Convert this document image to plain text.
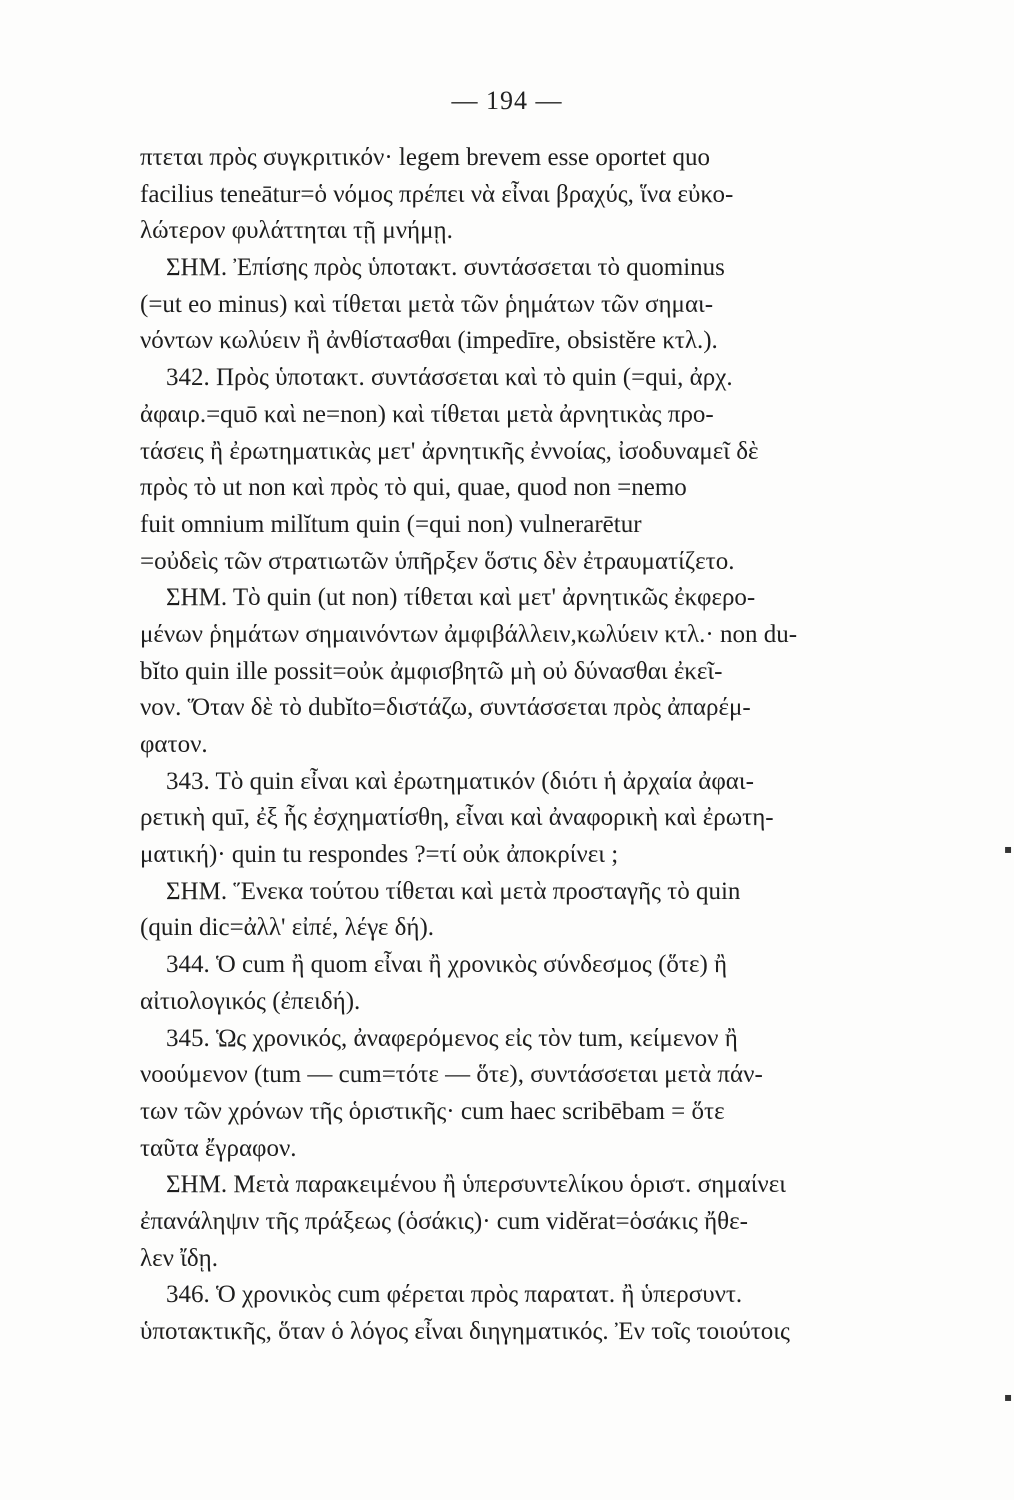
— 194 —
πτεται πρὸς συγκριτικόν· legem brevem esse oportet quo
facilius teneātur=ὁ νόμος πρέπει νὰ εἶναι βραχύς, ἵνα εὐκο-
λώτερον φυλάττηται τῇ μνήμῃ.
ΣΗΜ. Ἐπίσης πρὸς ὑποτακτ. συντάσσεται τὸ quominus
(=ut eo minus) καὶ τίθεται μετὰ τῶν ῥημάτων τῶν σημαι-
νόντων κωλύειν ἢ ἀνθίστασθαι (impedīre, obsistĕre κτλ.).
342. Πρὸς ὑποτακτ. συντάσσεται καὶ τὸ quin (=qui, ἀρχ.
ἀφαιρ.=quō καὶ ne=non) καὶ τίθεται μετὰ ἀρνητικὰς προ-
τάσεις ἢ ἐρωτηματικὰς μετ' ἀρνητικῆς ἐννοίας, ἰσοδυναμεῖ δὲ
πρὸς τὸ ut non καὶ πρὸς τὸ qui, quae, quod non =nemo
fuit omnium milĭtum quin (=qui non) vulnerarētur
=οὐδεὶς τῶν στρατιωτῶν ὑπῆρξεν ὅστις δὲν ἐτραυματίζετο.
ΣΗΜ. Τὸ quin (ut non) τίθεται καὶ μετ' ἀρνητικῶς ἐκφερο-
μένων ῥημάτων σημαινόντων ἀμφιβάλλειν,κωλύειν κτλ.· non du-
bĭto quin ille possit=οὐκ ἀμφισβητῶ μὴ οὐ δύνασθαι ἐκεῖ-
νον. Ὅταν δὲ τὸ dubĭto=διστάζω, συντάσσεται πρὸς ἀπαρέμ-
φατον.
343. Τὸ quin εἶναι καὶ ἐρωτηματικόν (διότι ἡ ἀρχαία ἀφαι-
ρετικὴ quī, ἐξ ἧς ἐσχηματίσθη, εἶναι καὶ ἀναφορικὴ καὶ ἐρωτη-
ματική)· quin tu respondes ?=τί οὐκ ἀποκρίνει ;
ΣΗΜ. Ἕνεκα τούτου τίθεται καὶ μετὰ προσταγῆς τὸ quin
(quin dic=ἀλλ' εἰπέ, λέγε δή).
344. Ὁ cum ἢ quom εἶναι ἢ χρονικὸς σύνδεσμος (ὅτε) ἢ
αἰτιολογικός (ἐπειδή).
345. Ὡς χρονικός, ἀναφερόμενος εἰς τὸν tum, κείμενον ἢ
νοούμενον (tum — cum=τότε — ὅτε), συντάσσεται μετὰ πάν-
των τῶν χρόνων τῆς ὁριστικῆς· cum haec scribēbam = ὅτε
ταῦτα ἔγραφον.
ΣΗΜ. Μετὰ παρακειμένου ἢ ὑπερσυντελίκου ὁριστ. σημαίνει
ἐπανάληψιν τῆς πράξεως (ὁσάκις)· cum vidĕrat=ὁσάκις ἤθε-
λεν ἴδῃ.
346. Ὁ χρονικὸς cum φέρεται πρὸς παρατατ. ἢ ὑπερσυντ.
ὑποτακτικῆς, ὅταν ὁ λόγος εἶναι διηγηματικός. Ἐν τοῖς τοιούτοις
▪
▪
